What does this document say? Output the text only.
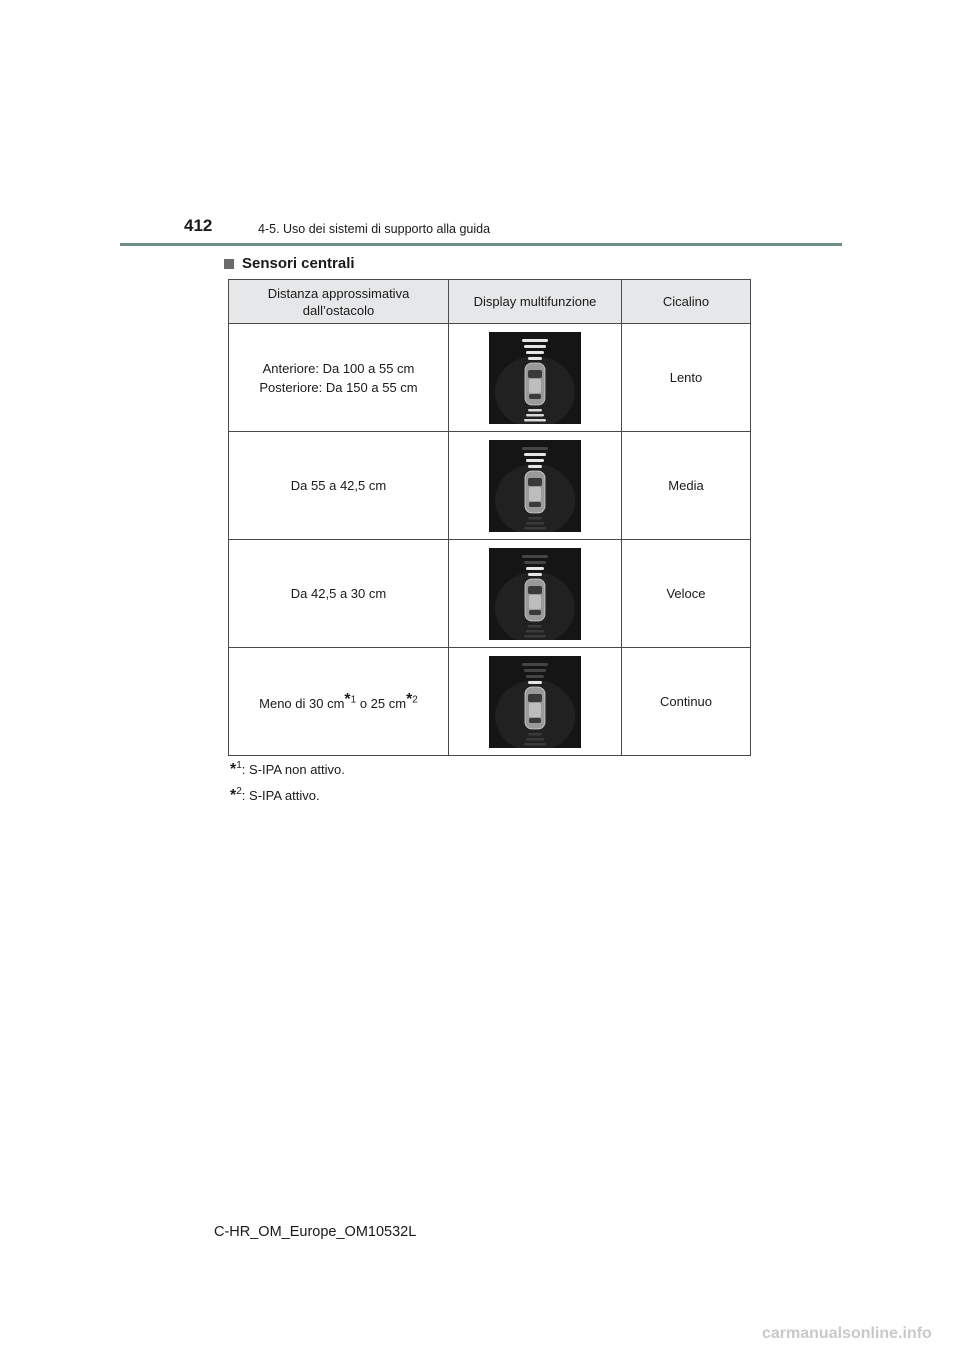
412	4-5. Uso dei sistemi di supporto alla guida
Sensori centrali
Distanza approssimativa dall’ostacolo	Display multifunzione	Cicalino
Anteriore: Da 100 a 55 cm
Posteriore: Da 150 a 55 cm		Lento
Da 55 a 42,5 cm		Media
Da 42,5 a 30 cm		Veloce
Meno di 30 cm*$^1$ o 25 cm*$^2$		Continuo
*$^1$: S-IPA non attivo.
*$^2$: S-IPA attivo.
C-HR_OM_Europe_OM10532L
carmanualsonline.info
